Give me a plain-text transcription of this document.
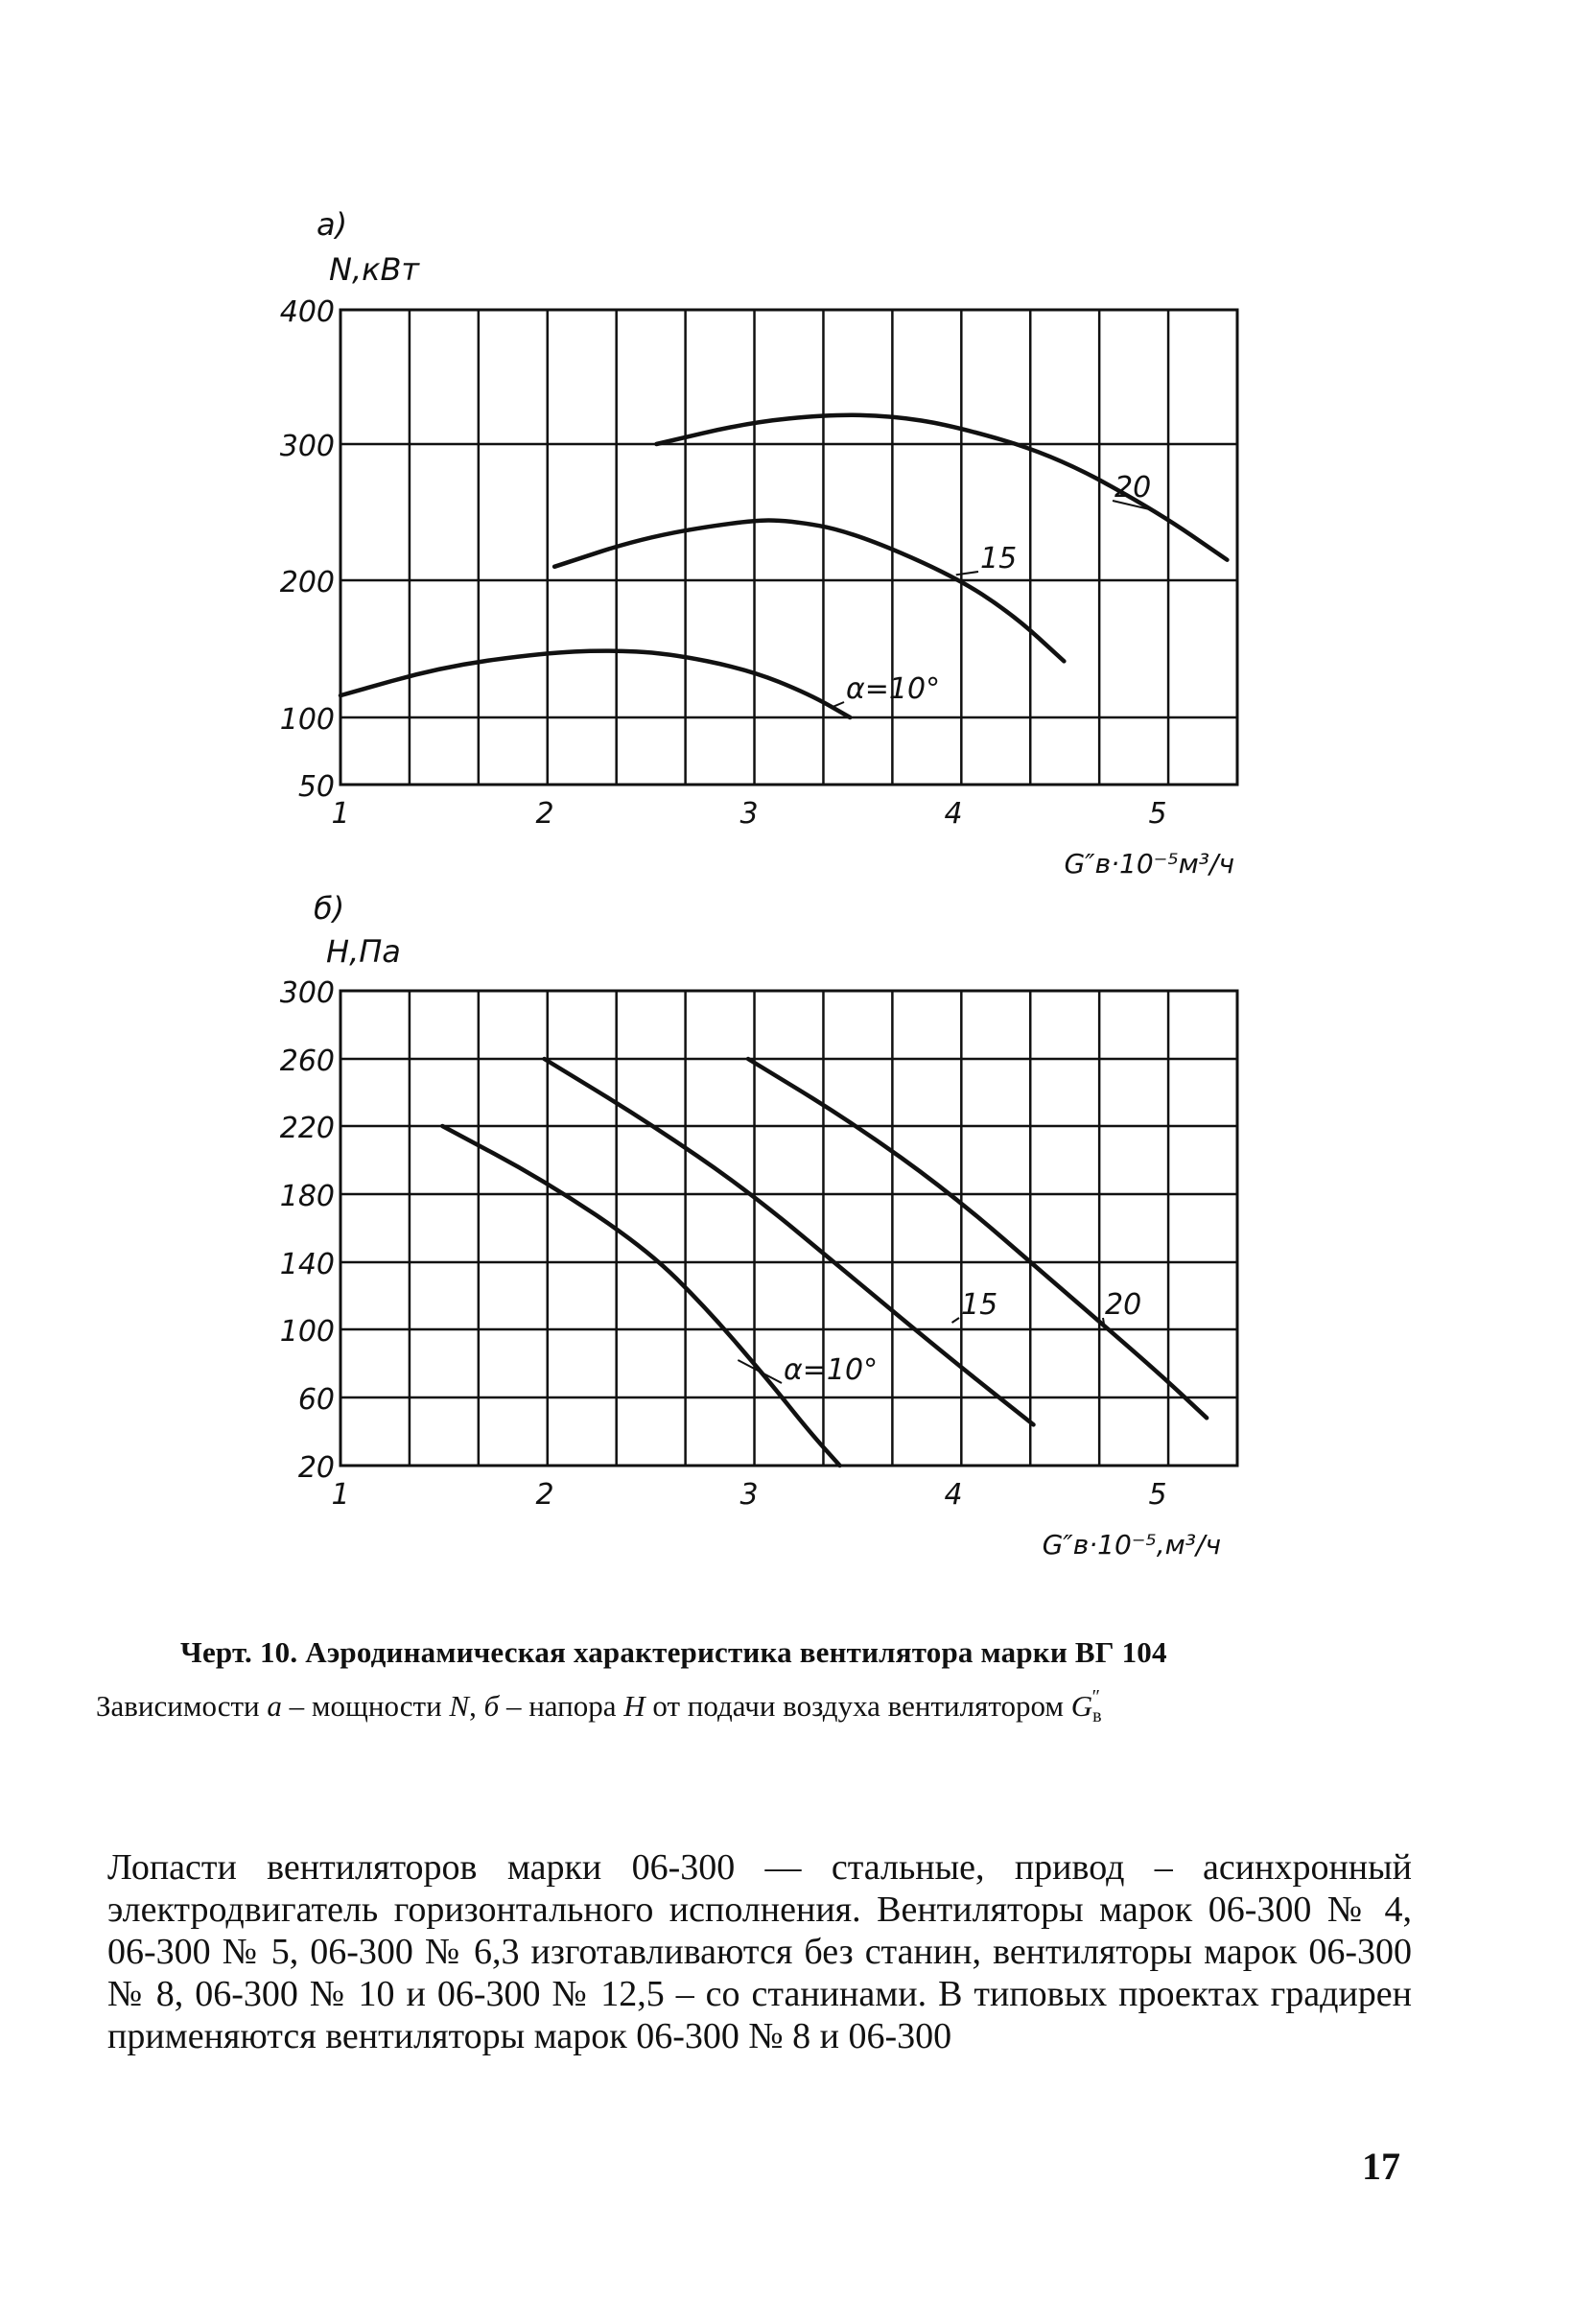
400
300
200
100
50
1	2	3	4	5
а)
N,кВт
G″в·10⁻⁵м³/ч
α=10°
15
20
300
260
220
180
140
100
60
20
1	2	3	4	5
б)
H,Па
G″в·10⁻⁵,м³/ч
α=10°
15	20
Черт. 10. Аэродинамическая характеристика вентилятора марки ВГ 104
Зависимости а – мощности N, б – напора H от подачи воздуха вентилятором $G_в''$
Лопасти вентиляторов марки 06-300 — стальные, привод – асинхронный электродвигатель горизонтального исполнения. Вентиляторы марок 06-300 № 4, 06-300 № 5, 06-300 № 6,3 изготавливаются без станин, вентиляторы марок 06-300 № 8, 06-300 № 10 и 06-300 № 12,5 – со станинами. В типовых проектах градирен применяются вентиляторы марок 06-300 № 8 и 06-300
17
